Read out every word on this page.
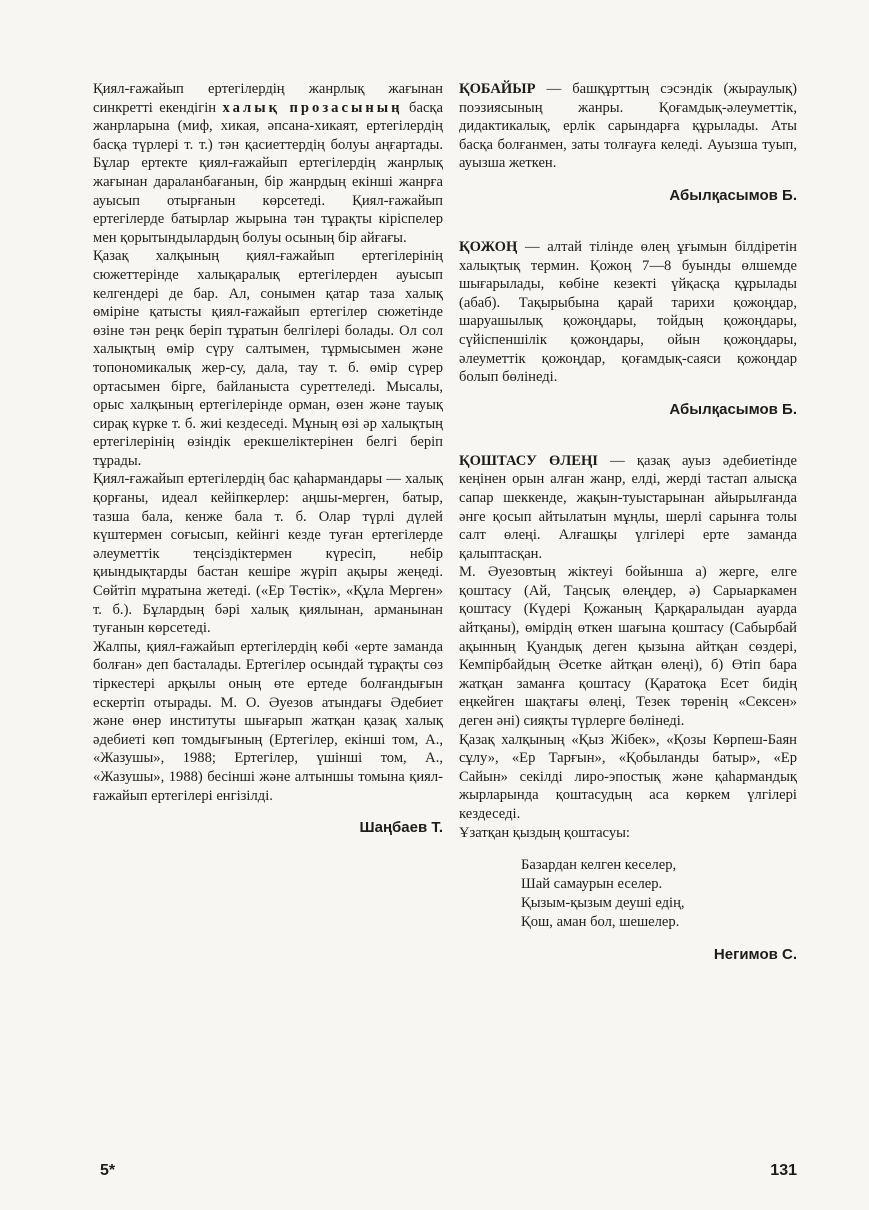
Қиял-ғажайып ертегілердің жанрлық жағынан синкретті екендігін халық прозасының басқа жанрларына (миф, хикая, әпсана-хикаят, ертегілердің басқа түрлері т. т.) тән қасиеттердің болуы аңғартады. Бұлар ертекте қиял-ғажайып ертегілердің жанрлық жағынан дараланбағанын, бір жанрдың екінші жанрға ауысып отырғанын көрсетеді. Қиял-ғажайып ертегілерде батырлар жырына тән тұрақты кіріспелер мен қорытындылардың болуы осының бір айғағы.

Қазақ халқының қиял-ғажайып ертегілерінің сюжеттерінде халықаралық ертегілерден ауысып келгендері де бар. Ал, сонымен қатар таза халық өміріне қатысты қиял-ғажайып ертегілер сюжетінде өзіне тән реңк беріп тұратын белгілері болады. Ол сол халықтың өмір сүру салтымен, тұрмысымен және топономикалық жер-су, дала, тау т. б. өмір сүрер ортасымен бірге, байланыста суреттеледі. Мысалы, орыс халқының ертегілерінде орман, өзен және тауық сирақ күркe т. б. жиі кездеседі. Мұның өзі әр халықтың ертегілерінің өзіндік ерекшеліктерінен белгі беріп тұрады.

Қиял-ғажайып ертегілердің бас қаһармандары — халық қорғаны, идеал кейіпкерлер: аңшы-мерген, батыр, тазша бала, кенже бала т. б. Олар түрлі дүлей күштермен соғысып, кейінгі кезде туған ертегілерде әлеуметтік теңсіздіктермен күресіп, небір қиындықтарды бастан кешіре жүріп ақыры жеңеді. Сөйтіп мұратына жетеді. («Ер Төстік», «Құла Мерген» т. б.). Бұлардың бәрі халық қиялынан, арманынан туғанын көрсетеді.

Жалпы, қиял-ғажайып ертегілердің көбі «ерте заманда болған» деп басталады. Ертегілер осындай тұрақты сөз тіркестері арқылы оның өте ертеде болғандығын ескертіп отырады. М. О. Әуезов атындағы Әдебиет және өнер институты шығарып жатқан қазақ халық әдебиеті көп томдығының (Ертегілер, екінші том, А., «Жазушы», 1988; Ертегілер, үшінші том, А., «Жазушы», 1988) бесінші және алтыншы томына қиял-ғажайып ертегілері енгізілді.

Шаңбаев Т.

ҚОБАЙЫР — башқұрттың сэсэндік (жыраулық) поэзиясының жанры. Қоғамдық-әлеуметтік, дидактикалық, ерлік сарындарға құрылады. Аты басқа болғанмен, заты толғауға келеді. Ауызша туып, ауызша жеткен.

Абылқасымов Б.

ҚОЖОҢ — алтай тілінде өлең ұғымын білдіретін халықтық термин. Қожоң 7—8 буынды өлшемде шығарылады, көбіне кезекті үйқасқа құрылады (абаб). Тақырыбына қарай тарихи қожоңдар, шаруашылық қожоңдары, тойдың қожоңдары, сүйіспеншілік қожоңдары, ойын қожоңдары, әлеуметтік қожоңдар, қоғамдық-саяси қожоңдар болып бөлінеді.

Абылқасымов Б.

ҚОШТАСУ ӨЛЕҢІ — қазақ ауыз әдебиетінде кеңінен орын алған жанр, елді, жерді тастап алысқа сапар шеккенде, жақын-туыстарынан айырылғанда әнге қосып айтылатын мұңлы, шерлі сарынға толы салт өлеңі. Алғашқы үлгілері ерте заманда қалыптасқан.

М. Әуезовтың жіктеуі бойынша а) жерге, елге қоштасу (Ай, Таңсық өлеңдер, ә) Сарыаркамен қоштасу (Күдері Қожаның Қарқаралыдан ауарда айтқаны), өмірдің өткен шағына қоштасу (Сабырбай ақынның Қуандық деген қызына айтқан сөздері, Кемпірбайдың Әсетке айтқан өлеңі), б) Өтіп бара жатқан заманға қоштасу (Қаратоқа Есет бидің еңкейген шақтағы өлеңі, Тезек төренің «Сексен» деген әні) сияқты түрлерге бөлінеді.

Қазақ халқының «Қыз Жібек», «Қозы Көрпеш-Баян сұлу», «Ер Тарғын», «Қобыланды батыр», «Ер Сайын» секілді лиро-эпостық және қаһармандық жырларында қоштасудың аса көркем үлгілері кездеседі.

Ұзатқан қыздың қоштасуы:

Базардан келген кеселер,
Шай самаурын еселер.
Қызым-қызым деуші едің,
Қош, аман бол, шешелер.
Негимов С.
5*	131
